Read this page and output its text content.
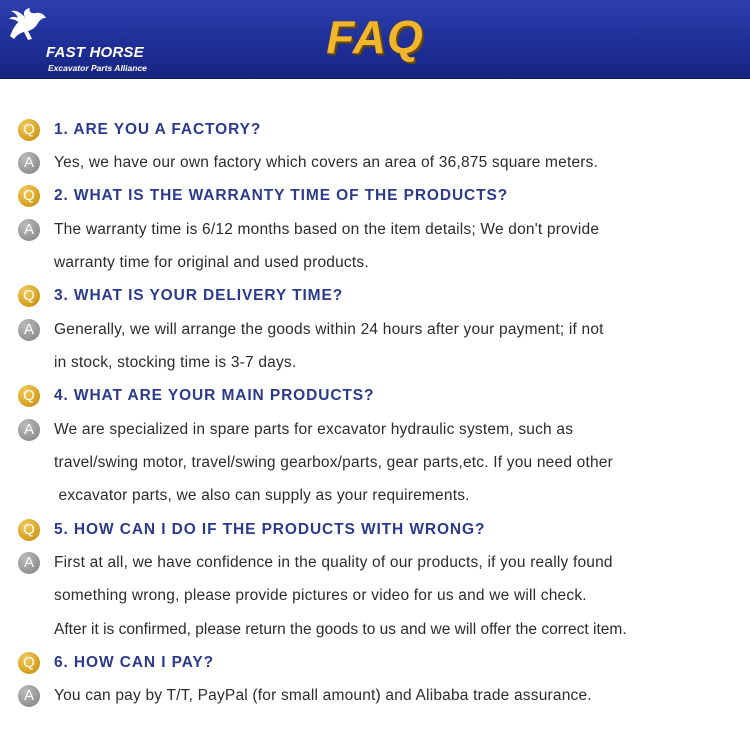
FAST HORSE
Excavator Parts Alliance
FAQ
Q	1. ARE YOU A FACTORY?
A	Yes, we have our own factory which covers an area of 36,875 square meters.
Q	2. WHAT IS THE WARRANTY TIME OF THE PRODUCTS?
A	The warranty time is 6/12 months based on the item details; We don't provide
warranty time for original and used products.
Q	3. WHAT IS YOUR DELIVERY TIME?
A	Generally, we will arrange the goods within 24 hours after your payment; if not
in stock, stocking time is 3-7 days.
Q	4. WHAT ARE YOUR MAIN PRODUCTS?
A	We are specialized in spare parts for excavator hydraulic system, such as
travel/swing motor, travel/swing gearbox/parts, gear parts,etc. If you need other
excavator parts, we also can supply as your requirements.
Q	5. HOW CAN I DO IF THE PRODUCTS WITH WRONG?
A	First at all, we have confidence in the quality of our products, if you really found
something wrong, please provide pictures or video for us and we will check.
After it is confirmed, please return the goods to us and we will offer the correct item.
Q	6. HOW CAN I PAY?
A	You can pay by T/T, PayPal (for small amount) and Alibaba trade assurance.
